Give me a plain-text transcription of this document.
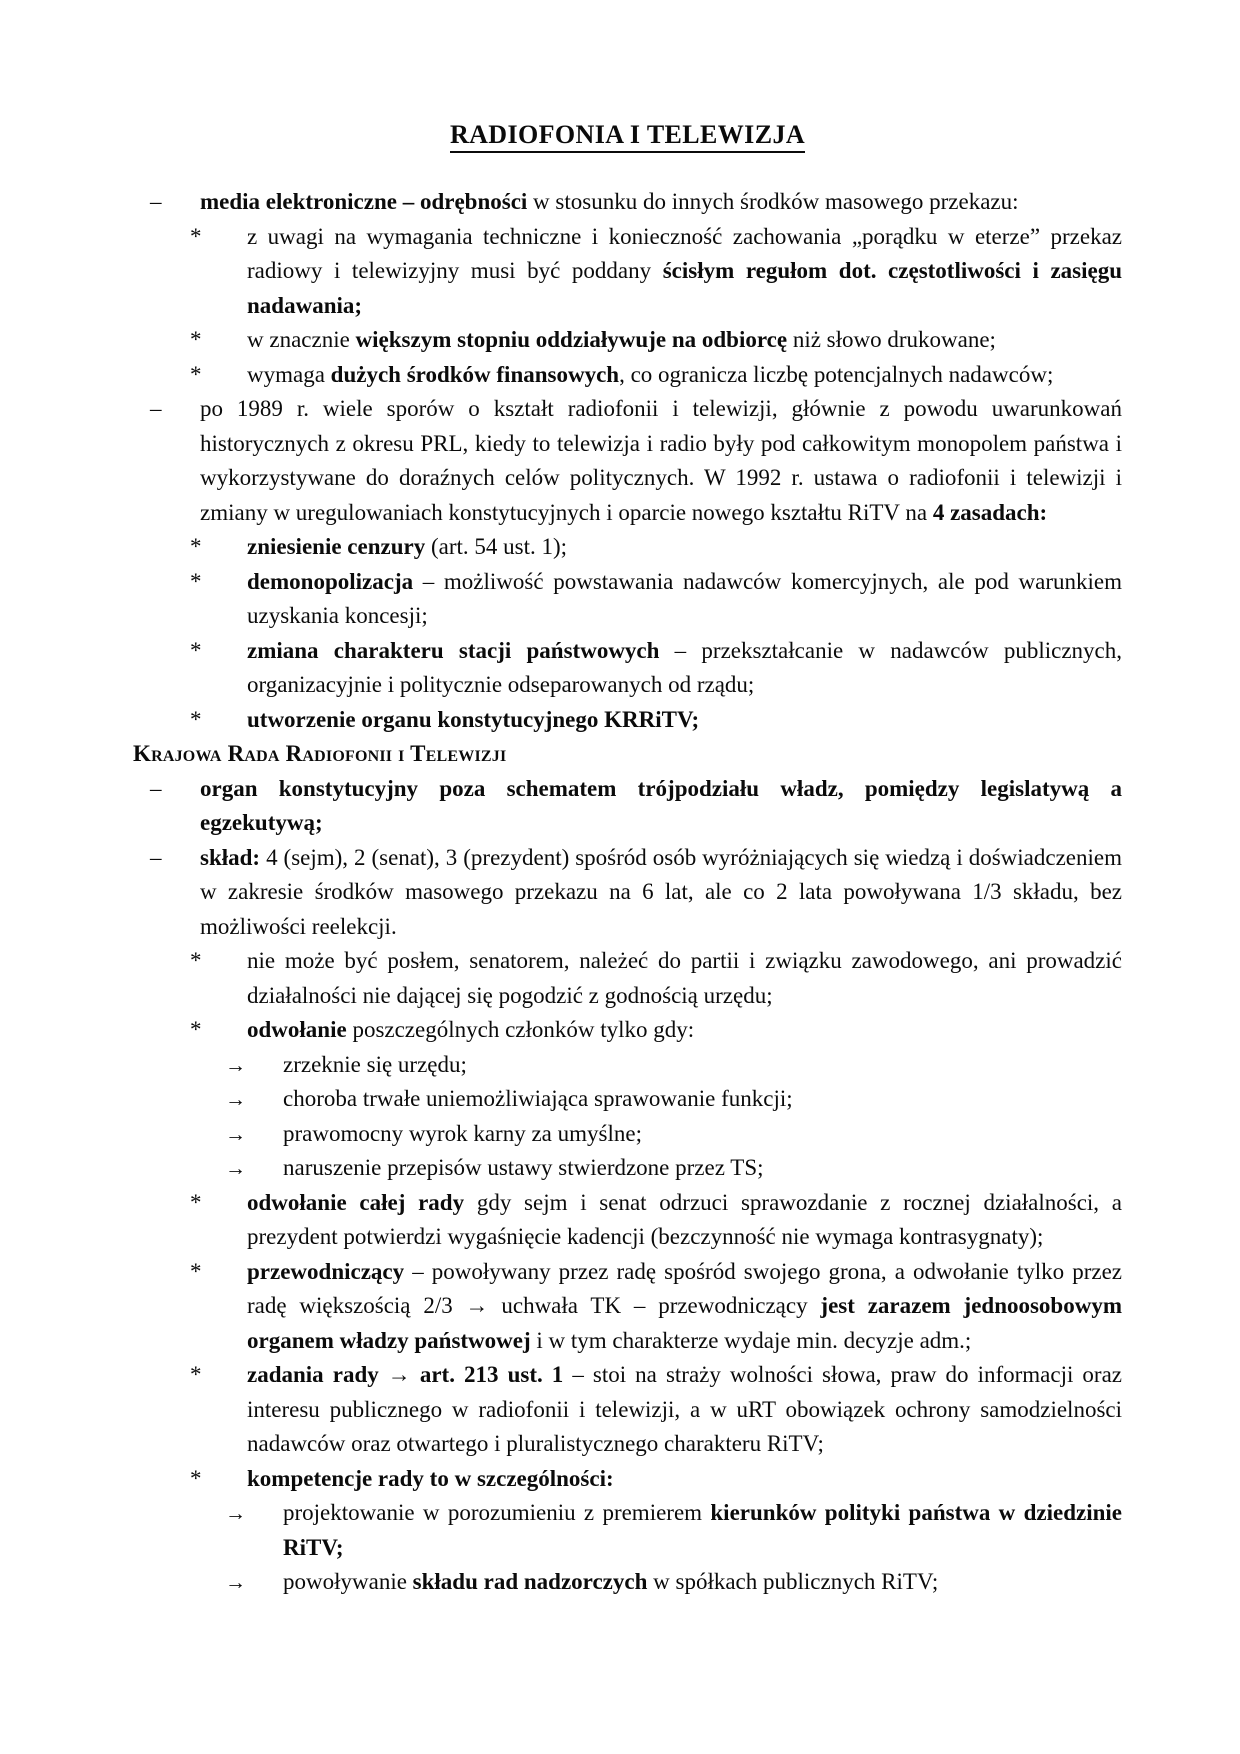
RADIOFONIA I TELEWIZJA
–	media elektroniczne – odrębności w stosunku do innych środków masowego przekazu:
*	z uwagi na wymagania techniczne i konieczność zachowania „porądku w eterze” przekaz radiowy i telewizyjny musi być poddany ścisłym regułom dot. częstotliwości i zasięgu nadawania;
*	w znacznie większym stopniu oddziaływuje na odbiorcę niż słowo drukowane;
*	wymaga dużych środków finansowych, co ogranicza liczbę potencjalnych nadawców;
–	po 1989 r. wiele sporów o kształt radiofonii i telewizji, głównie z powodu uwarunkowań historycznych z okresu PRL, kiedy to telewizja i radio były pod całkowitym monopolem państwa i wykorzystywane do doraźnych celów politycznych. W 1992 r. ustawa o radiofonii i telewizji i zmiany w uregulowaniach konstytucyjnych i oparcie nowego kształtu RiTV na 4 zasadach:
*	zniesienie cenzury (art. 54 ust. 1);
*	demonopolizacja – możliwość powstawania nadawców komercyjnych, ale pod warunkiem uzyskania koncesji;
*	zmiana charakteru stacji państwowych – przekształcanie w nadawców publicznych, organizacyjnie i politycznie odseparowanych od rządu;
*	utworzenie organu konstytucyjnego KRRiTV;
Krajowa Rada Radiofonii i Telewizji
–	organ konstytucyjny poza schematem trójpodziału władz, pomiędzy legislatywą a egzekutywą;
–	skład: 4 (sejm), 2 (senat), 3 (prezydent) spośród osób wyróżniających się wiedzą i doświadczeniem w zakresie środków masowego przekazu na 6 lat, ale co 2 lata powoływana 1/3 składu, bez możliwości reelekcji.
*	nie może być posłem, senatorem, należeć do partii i związku zawodowego, ani prowadzić działalności nie dającej się pogodzić z godnością urzędu;
*	odwołanie poszczególnych członków tylko gdy:
→	zrzeknie się urzędu;
→	choroba trwałe uniemożliwiająca sprawowanie funkcji;
→	prawomocny wyrok karny za umyślne;
→	naruszenie przepisów ustawy stwierdzone przez TS;
*	odwołanie całej rady gdy sejm i senat odrzuci sprawozdanie z rocznej działalności, a prezydent potwierdzi wygaśnięcie kadencji (bezczynność nie wymaga kontrasygnaty);
*	przewodniczący – powoływany przez radę spośród swojego grona, a odwołanie tylko przez radę większością 2/3 → uchwała TK – przewodniczący jest zarazem jednoosobowym organem władzy państwowej i w tym charakterze wydaje min. decyzje adm.;
*	zadania rady → art. 213 ust. 1 – stoi na straży wolności słowa, praw do informacji oraz interesu publicznego w radiofonii i telewizji, a w uRT obowiązek ochrony samodzielności nadawców oraz otwartego i pluralistycznego charakteru RiTV;
*	kompetencje rady to w szczególności:
→	projektowanie w porozumieniu z premierem kierunków polityki państwa w dziedzinie RiTV;
→	powoływanie składu rad nadzorczych w spółkach publicznych RiTV;
